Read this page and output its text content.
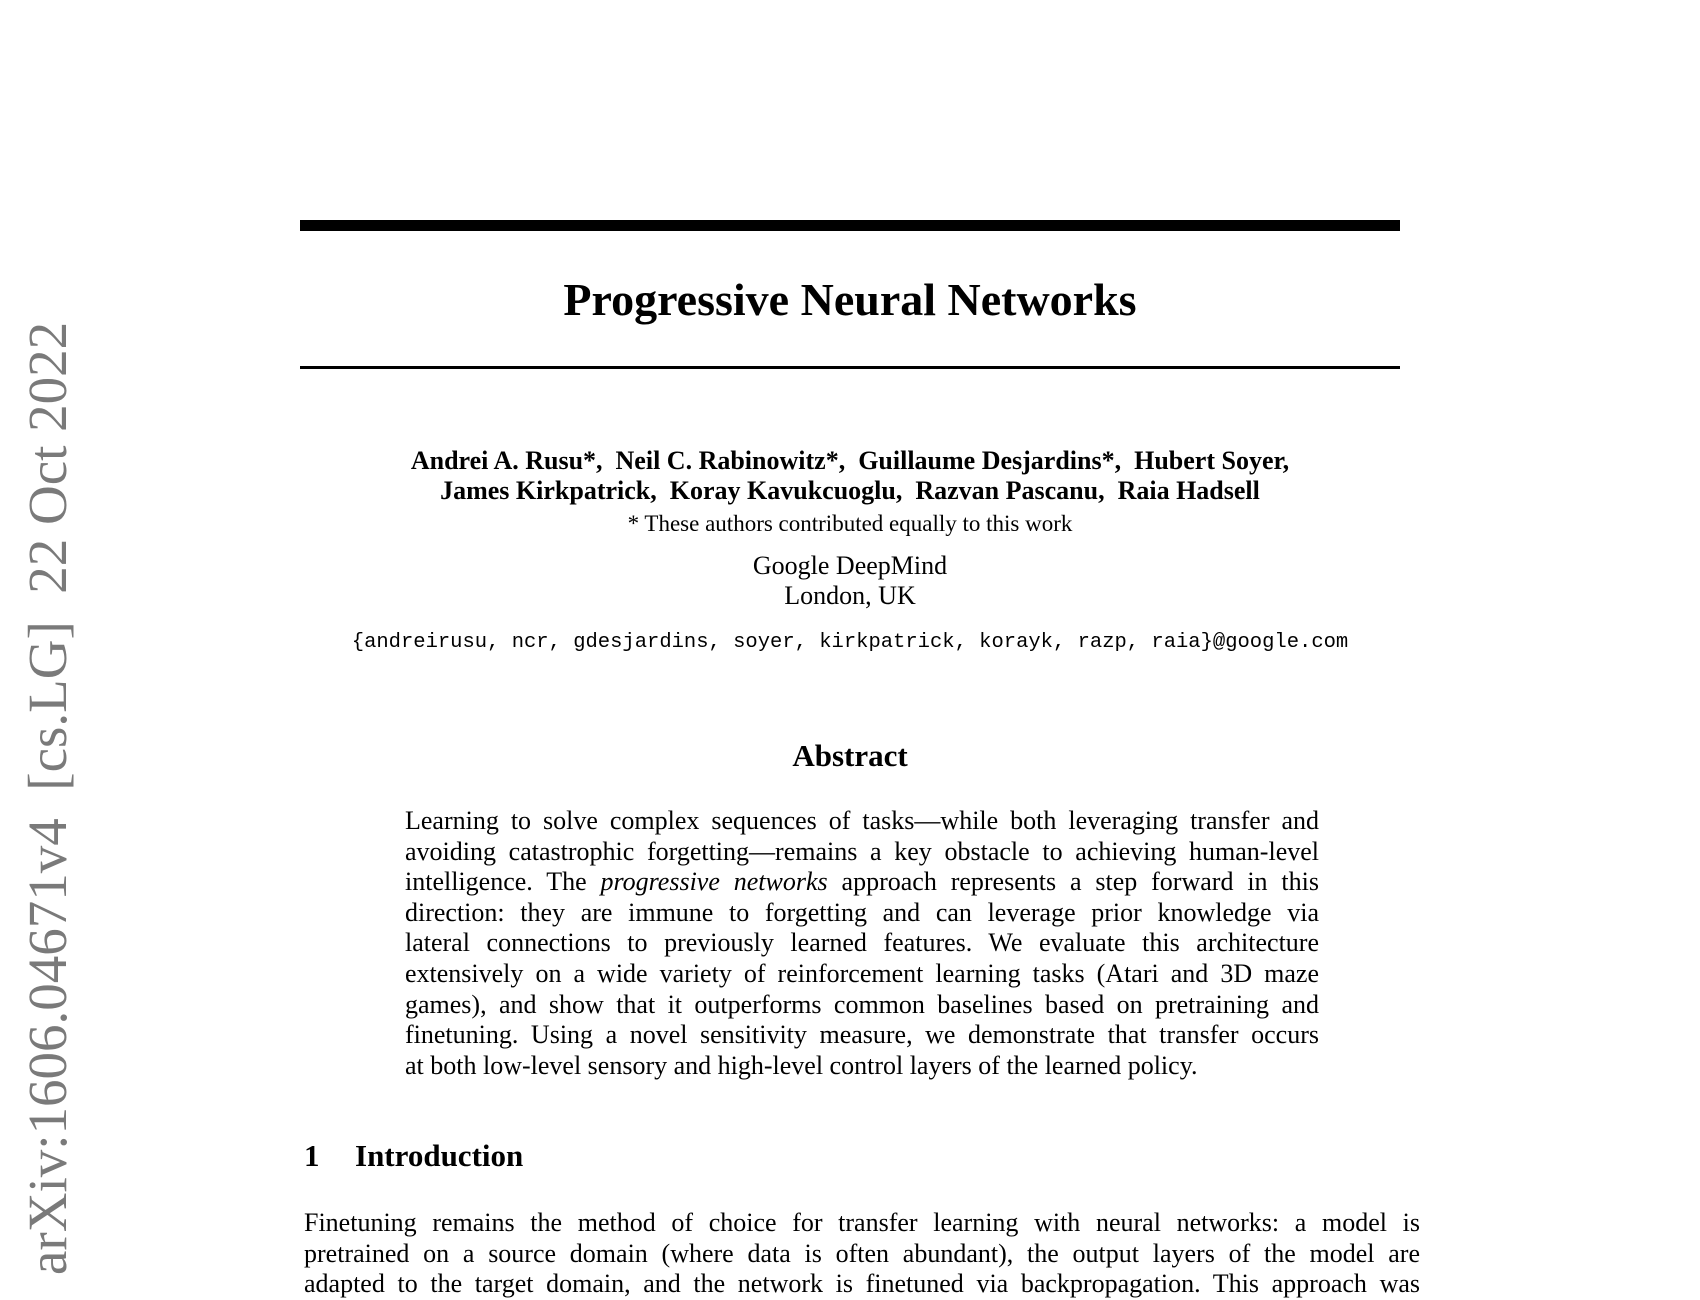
arXiv:1606.04671v4  [cs.LG]  22 Oct 2022
Progressive Neural Networks
Andrei A. Rusu*,  Neil C. Rabinowitz*,  Guillaume Desjardins*,  Hubert Soyer,
James Kirkpatrick,  Koray Kavukcuoglu,  Razvan Pascanu,  Raia Hadsell
* These authors contributed equally to this work
Google DeepMind
London, UK
{andreirusu, ncr, gdesjardins, soyer, kirkpatrick, korayk, razp, raia}@google.com
Abstract
Learning to solve complex sequences of tasks—while both leveraging transfer and
avoiding catastrophic forgetting—remains a key obstacle to achieving human-level
intelligence. The progressive networks approach represents a step forward in this
direction: they are immune to forgetting and can leverage prior knowledge via
lateral connections to previously learned features. We evaluate this architecture
extensively on a wide variety of reinforcement learning tasks (Atari and 3D maze
games), and show that it outperforms common baselines based on pretraining and
finetuning. Using a novel sensitivity measure, we demonstrate that transfer occurs
at both low-level sensory and high-level control layers of the learned policy.
1 Introduction
Finetuning remains the method of choice for transfer learning with neural networks: a model is
pretrained on a source domain (where data is often abundant), the output layers of the model are
adapted to the target domain, and the network is finetuned via backpropagation. This approach was
